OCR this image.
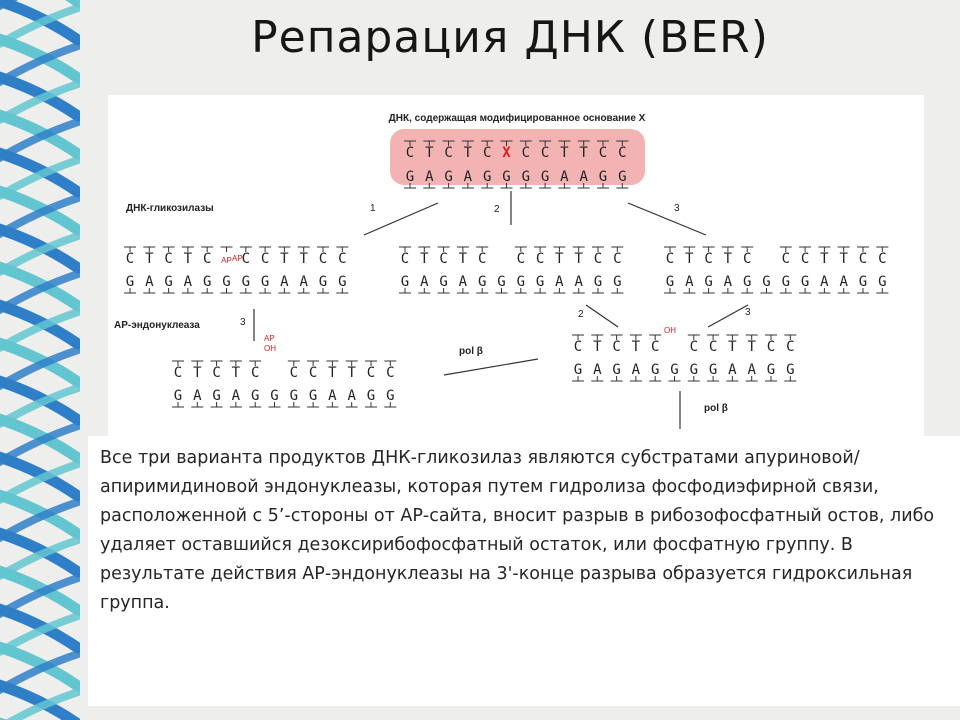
Репарация ДНК (BER)
ДНК, содержащая модифицированное основание X
ДНК-гликозилазы
АР-эндонуклеаза
pol β
pol β
1	2	3
3
2	3
AP
AP
OH
OH
C T C T C X C C T T C C
G A G A G G G G A A G G
C T C T C AP C C T T C C
G A G A G G G G A A G G
C T C T C C C T T C C
G A G A G G G G A A G G
C T C T C C C T T C C
G A G A G G G G A A G G
C T C T C C C T T C C
G A G A G G G G A A G G
C T C T C C C T T C C
G A G A G G G G A A G G

Все три варианта продуктов ДНК-гликозилаз являются субстратами апуриновой/апиримидиновой эндонуклеазы, которая путем гидролиза фосфодиэфирной связи, расположенной с 5’-стороны от АР-сайта, вносит разрыв в рибозофосфатный остов, либо удаляет оставшийся дезоксирибофосфатный остаток, или фосфатную группу. В результате действия АР-эндонуклеазы на 3'-конце разрыва образуется гидроксильная группа.
